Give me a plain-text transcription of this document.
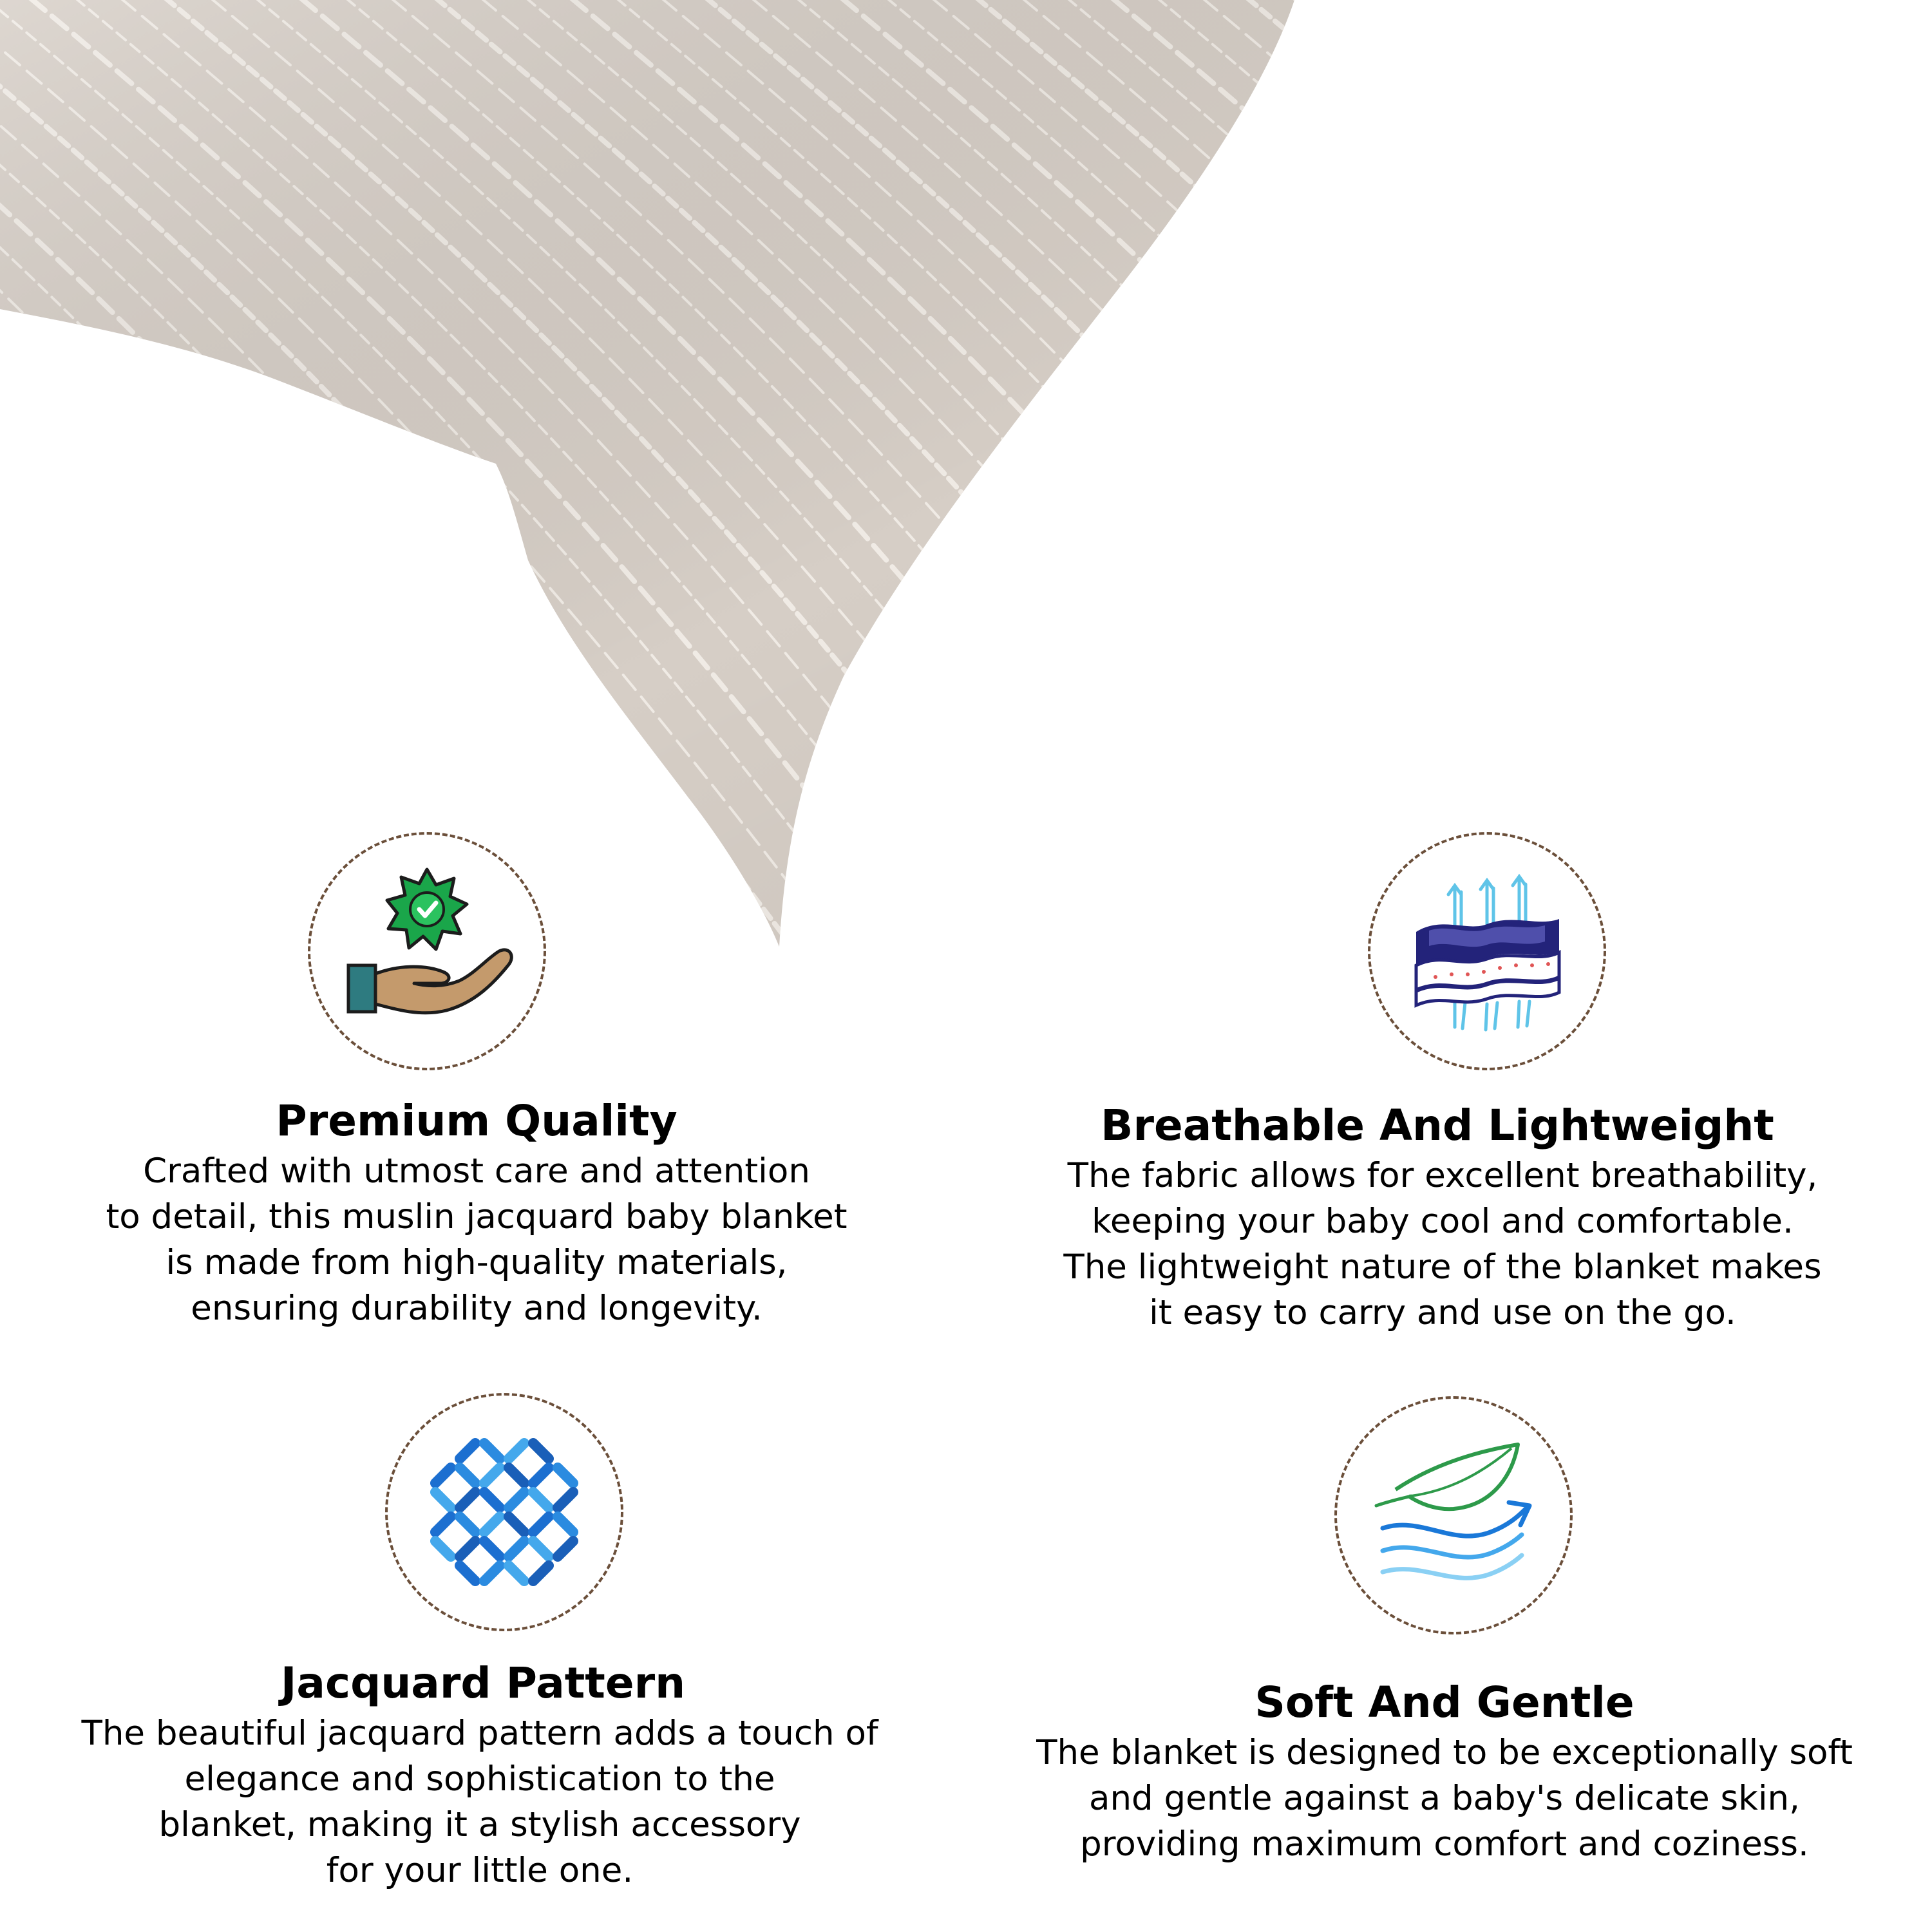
Premium Quality
Crafted with utmost care and attention
to detail, this muslin jacquard baby blanket
is made from high-quality materials,
ensuring durability and longevity.
Breathable And Lightweight
The fabric allows for excellent breathability,
keeping your baby cool and comfortable.
The lightweight nature of the blanket makes
it easy to carry and use on the go.
Jacquard Pattern
The beautiful jacquard pattern adds a touch of
elegance and sophistication to the
blanket, making it a stylish accessory
for your little one.
Soft And Gentle
The blanket is designed to be exceptionally soft
and gentle against a baby's delicate skin,
providing maximum comfort and coziness.
